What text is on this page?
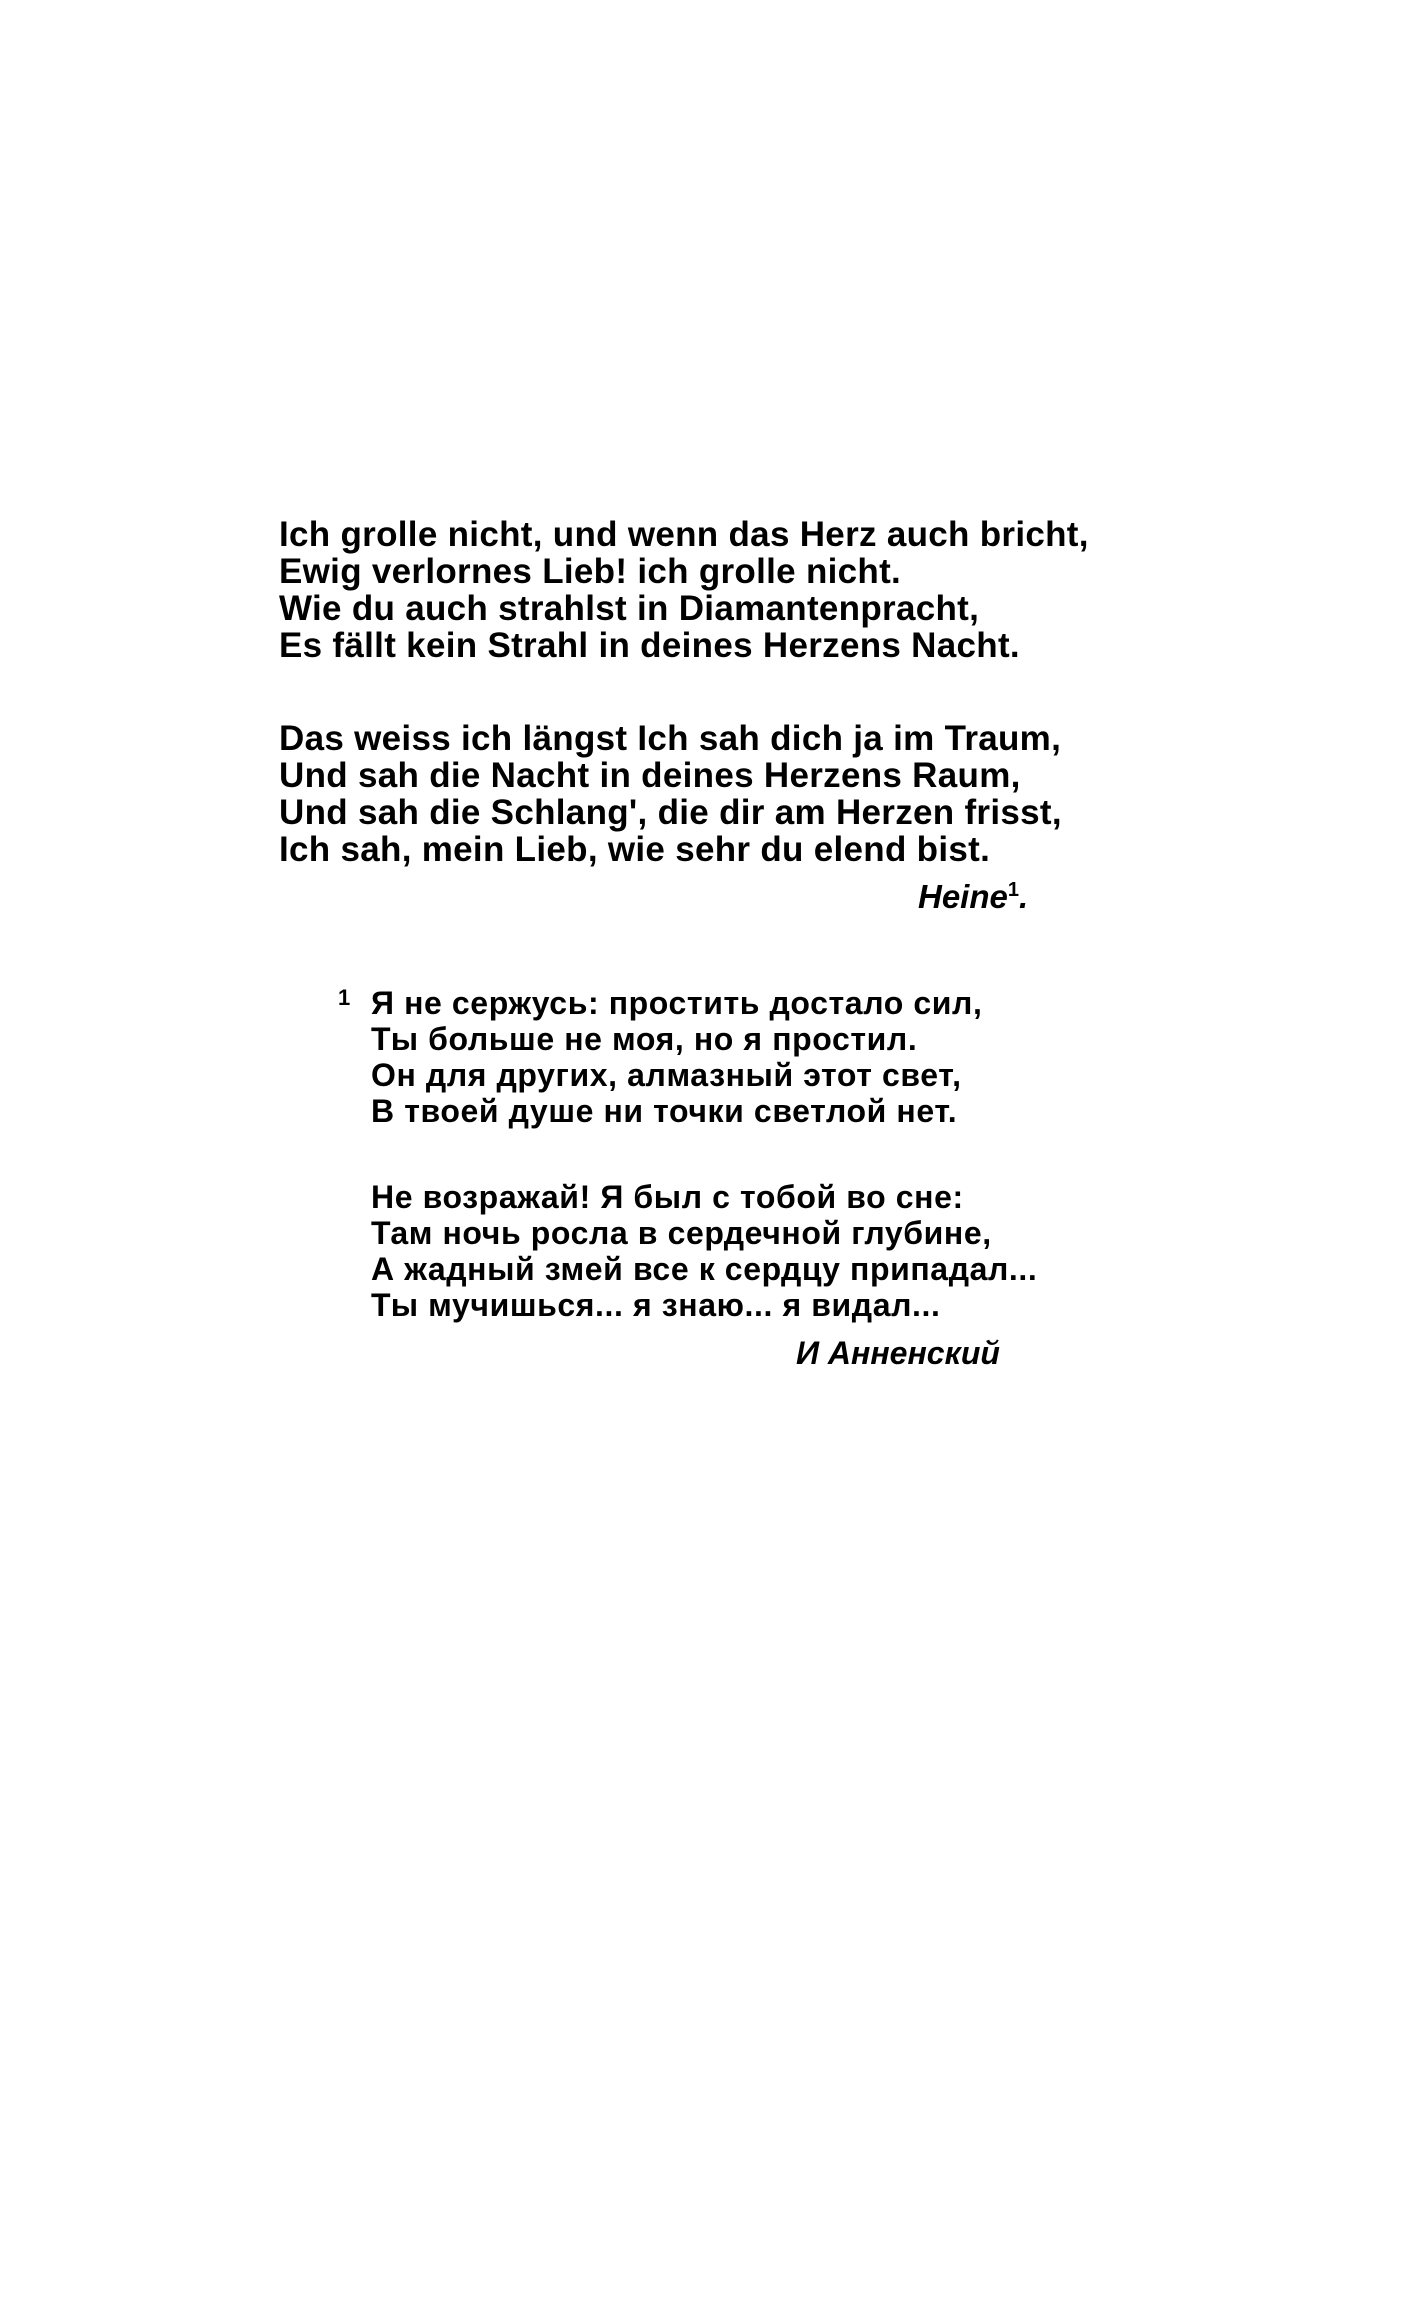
Ich grolle nicht, und wenn das Herz auch bricht,
Ewig verlornes Lieb! ich grolle nicht.
Wie du auch strahlst in Diamantenpracht,
Es fällt kein Strahl in deines Herzens Nacht.
Das weiss ich längst Ich sah dich ja im Traum,
Und sah die Nacht in deines Herzens Raum,
Und sah die Schlang', die dir am Herzen frisst,
Ich sah, mein Lieb, wie sehr du elend bist.
Heine$^1$.
1 Я не сержусь: простить достало сил,
Ты больше не моя, но я простил.
Он для других, алмазный этот свет,
В твоей душе ни точки светлой нет.
Не возражай! Я был с тобой во сне:
Там ночь росла в сердечной глубине,
А жадный змей все к сердцу припадал...
Ты мучишься... я знаю... я видал...
И Анненский
